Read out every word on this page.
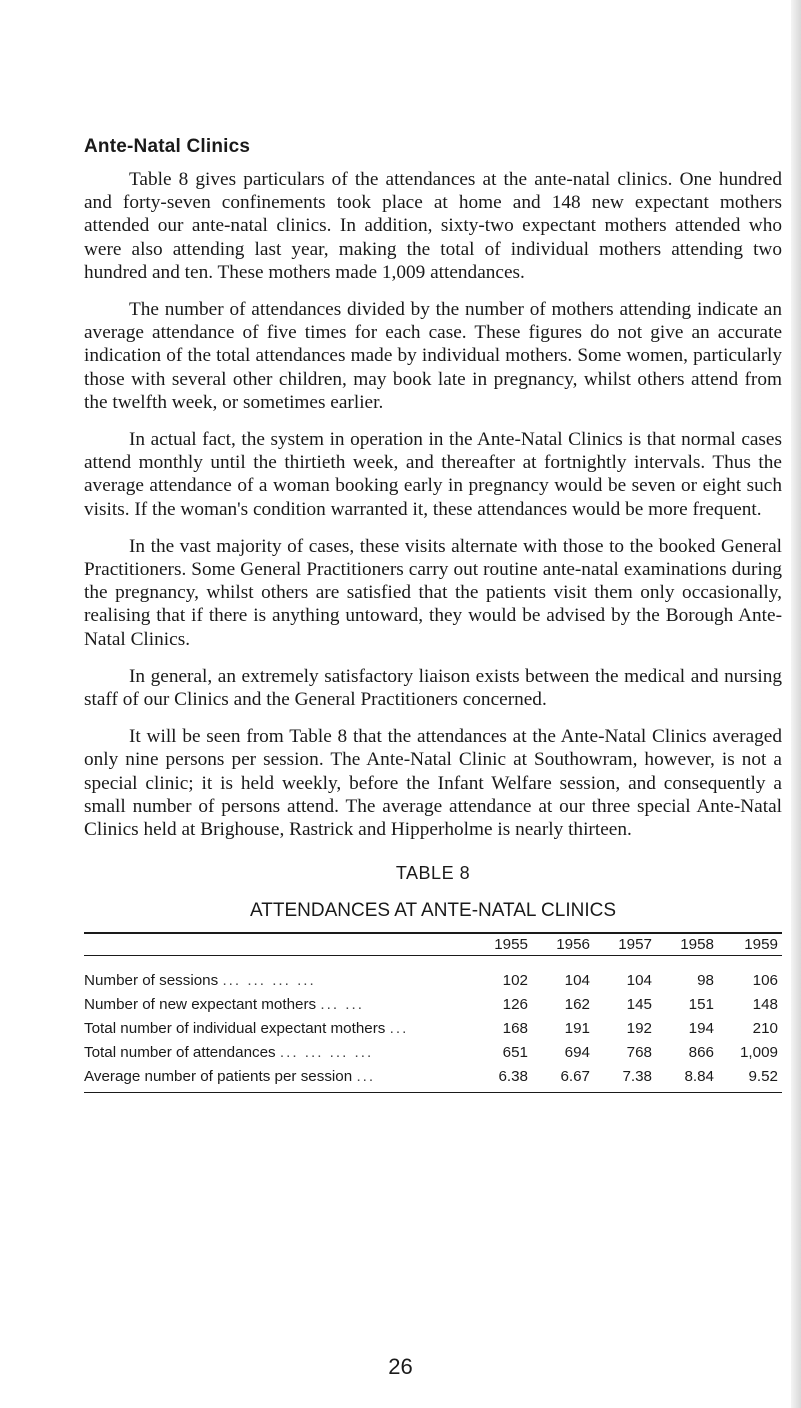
Ante-Natal Clinics

Table 8 gives particulars of the attendances at the ante-natal clinics. One hundred and forty-seven confinements took place at home and 148 new expectant mothers attended our ante-natal clinics. In addition, sixty-two expectant mothers attended who were also attending last year, making the total of individual mothers attending two hundred and ten. These mothers made 1,009 attendances.

The number of attendances divided by the number of mothers attending indicate an average attendance of five times for each case. These figures do not give an accurate indication of the total attendances made by individual mothers. Some women, particularly those with several other children, may book late in pregnancy, whilst others attend from the twelfth week, or sometimes earlier.

In actual fact, the system in operation in the Ante-Natal Clinics is that normal cases attend monthly until the thirtieth week, and thereafter at fortnightly intervals. Thus the average attendance of a woman booking early in pregnancy would be seven or eight such visits. If the woman's condition warranted it, these attendances would be more frequent.

In the vast majority of cases, these visits alternate with those to the booked General Practitioners. Some General Practitioners carry out routine ante-natal examinations during the pregnancy, whilst others are satisfied that the patients visit them only occasionally, realising that if there is anything untoward, they would be advised by the Borough Ante-Natal Clinics.

In general, an extremely satisfactory liaison exists between the medical and nursing staff of our Clinics and the General Practitioners concerned.

It will be seen from Table 8 that the attendances at the Ante-Natal Clinics averaged only nine persons per session. The Ante-Natal Clinic at Southowram, however, is not a special clinic; it is held weekly, before the Infant Welfare session, and consequently a small number of persons attend. The average attendance at our three special Ante-Natal Clinics held at Brighouse, Rastrick and Hipperholme is nearly thirteen.

TABLE 8
ATTENDANCES AT ANTE-NATAL CLINICS
	1955	1956	1957	1958	1959
Number of sessions ... ... ... ...	102	104	104	98	106
Number of new expectant mothers ... ...	126	162	145	151	148
Total number of individual expectant mothers ...	168	191	192	194	210
Total number of attendances ... ... ... ...	651	694	768	866	1,009
Average number of patients per session ...	6.38	6.67	7.38	8.84	9.52
26
